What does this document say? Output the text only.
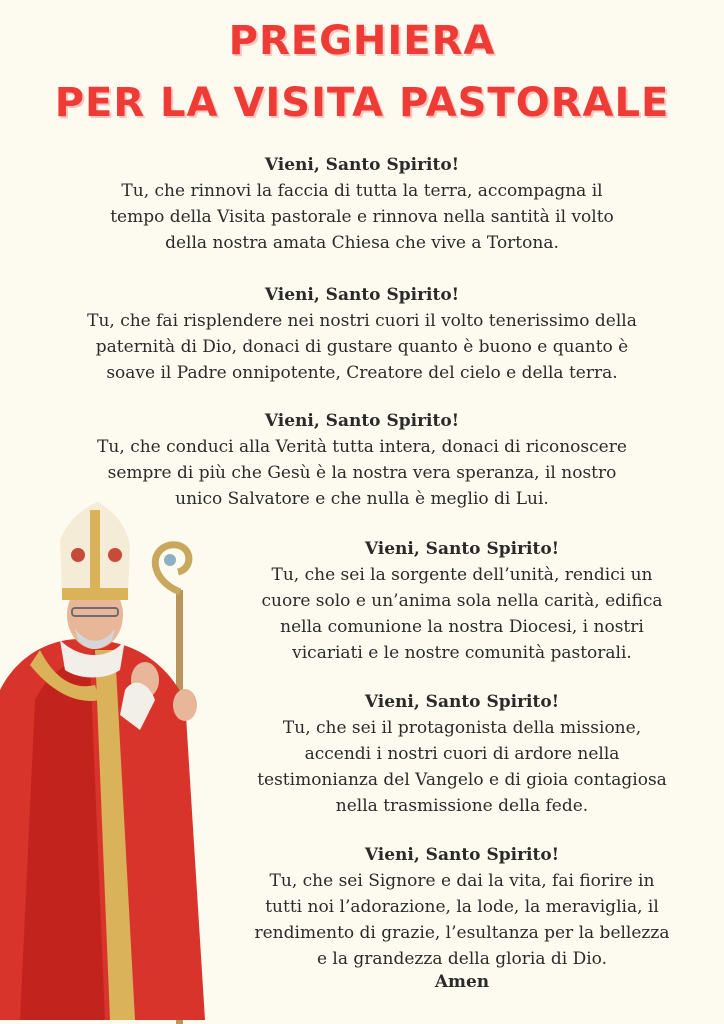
PREGHIERA
PER LA VISITA PASTORALE
Vieni, Santo Spirito!
Tu, che rinnovi la faccia di tutta la terra, accompagna il
tempo della Visita pastorale e rinnova nella santità il volto
della nostra amata Chiesa che vive a Tortona.
Vieni, Santo Spirito!
Tu, che fai risplendere nei nostri cuori il volto tenerissimo della
paternità di Dio, donaci di gustare quanto è buono e quanto è
soave il Padre onnipotente, Creatore del cielo e della terra.
Vieni, Santo Spirito!
Tu, che conduci alla Verità tutta intera, donaci di riconoscere
sempre di più che Gesù è la nostra vera speranza, il nostro
unico Salvatore e che nulla è meglio di Lui.
Vieni, Santo Spirito!
Tu, che sei la sorgente dell’unità, rendici un
cuore solo e un’anima sola nella carità, edifica
nella comunione la nostra Diocesi, i nostri
vicariati e le nostre comunità pastorali.
Vieni, Santo Spirito!
Tu, che sei il protagonista della missione,
accendi i nostri cuori di ardore nella
testimonianza del Vangelo e di gioia contagiosa
nella trasmissione della fede.
Vieni, Santo Spirito!
Tu, che sei Signore e dai la vita, fai fiorire in
tutti noi l’adorazione, la lode, la meraviglia, il
rendimento di grazie, l’esultanza per la bellezza
e la grandezza della gloria di Dio.
Amen
